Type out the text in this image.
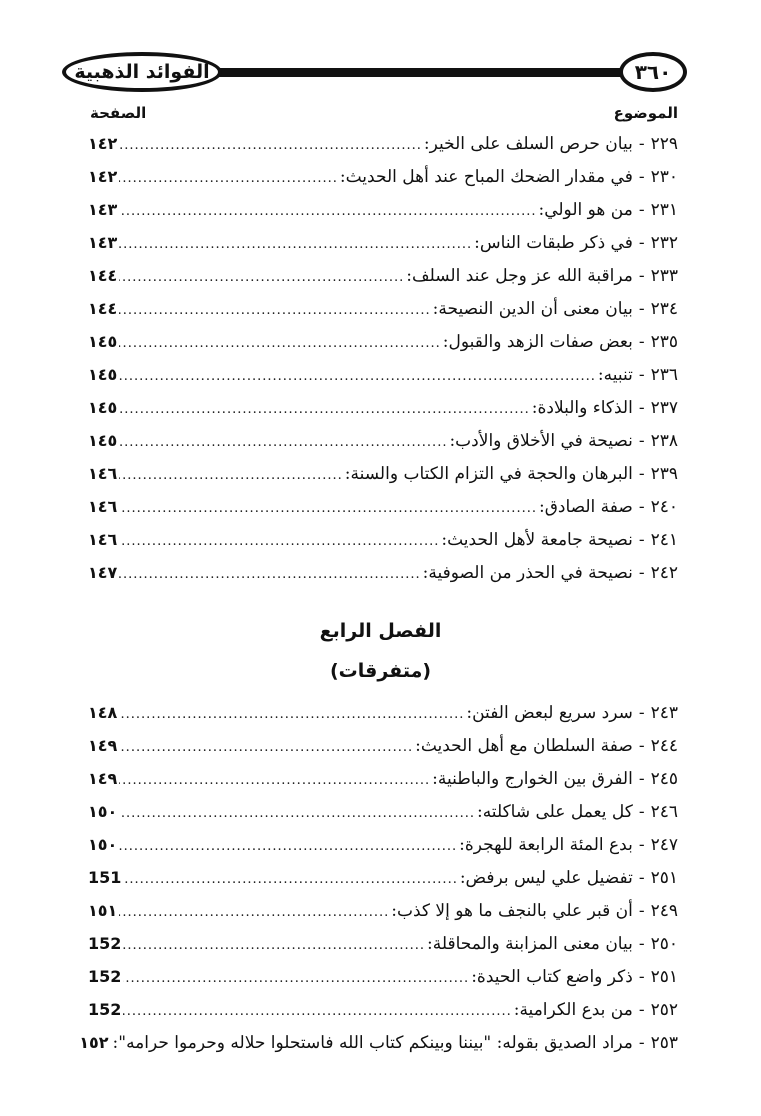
الفوائد الذهبية	٣٦٠
الموضوع
الصفحة
٢٢٩
-
بيان حرص السلف على الخير:
.....
١٤٢
٢٣٠
-
في مقدار الضحك المباح عند أهل الحديث:
.....
١٤٢
٢٣١
-
من هو الولي:
.....
١٤٣
٢٣٢
-
في ذكر طبقات الناس:
.....
١٤٣
٢٣٣
-
مراقبة الله عز وجل عند السلف:
.....
١٤٤
٢٣٤
-
بيان معنى أن الدين النصيحة:
.....
١٤٤
٢٣٥
-
بعض صفات الزهد والقبول:
.....
١٤٥
٢٣٦
-
تنبيه:
.....
١٤٥
٢٣٧
-
الذكاء والبلادة:
.....
١٤٥
٢٣٨
-
نصيحة في الأخلاق والأدب:
.....
١٤٥
٢٣٩
-
البرهان والحجة في التزام الكتاب والسنة:
.....
١٤٦
٢٤٠
-
صفة الصادق:
.....
١٤٦
٢٤١
-
نصيحة جامعة لأهل الحديث:
.....
١٤٦
٢٤٢
-
نصيحة في الحذر من الصوفية:
.....
١٤٧
الفصل الرابع
(متفرقات)
٢٤٣
-
سرد سريع لبعض الفتن:
.....
١٤٨
٢٤٤
-
صفة السلطان مع أهل الحديث:
.....
١٤٩
٢٤٥
-
الفرق بين الخوارج والباطنية:
.....
١٤٩
٢٤٦
-
كل يعمل على شاكلته:
.....
١٥٠
٢٤٧
-
بدع المئة الرابعة للهجرة:
.....
١٥٠
٢٥١
-
تفضيل علي ليس برفض:
.....
151
٢٤٩
-
أن قبر علي بالنجف ما هو إلا كذب:
.....
١٥١
٢٥٠
-
بيان معنى المزابنة والمحاقلة:
.....
152
٢٥١
-
ذكر واضع كتاب الحيدة:
.....
152
٢٥٢
-
من بدع الكرامية:
.....
152
٢٥٣
-
مراد الصديق بقوله: "بيننا وبينكم كتاب الله فاستحلوا حلاله وحرموا حرامه":
١٥٢
